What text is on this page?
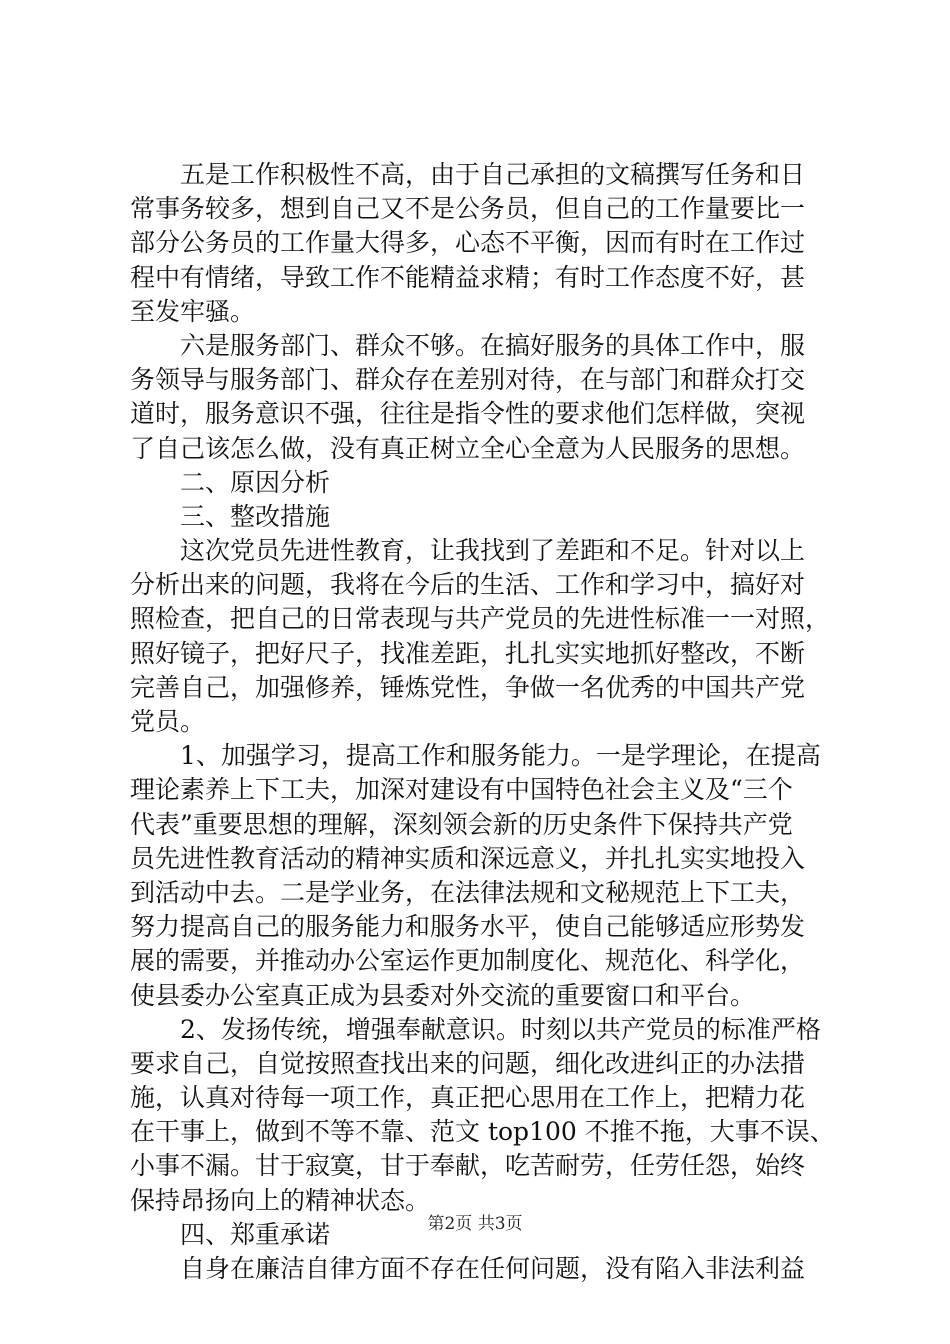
五是工作积极性不高，由于自己承担的文稿撰写任务和日
常事务较多，想到自己又不是公务员，但自己的工作量要比一
部分公务员的工作量大得多，心态不平衡，因而有时在工作过
程中有情绪，导致工作不能精益求精；有时工作态度不好，甚
至发牢骚。
六是服务部门、群众不够。在搞好服务的具体工作中，服
务领导与服务部门、群众存在差别对待，在与部门和群众打交
道时，服务意识不强，往往是指令性的要求他们怎样做，突视
了自己该怎么做，没有真正树立全心全意为人民服务的思想。
二、原因分析
三、整改措施
这次党员先进性教育，让我找到了差距和不足。针对以上
分析出来的问题，我将在今后的生活、工作和学习中，搞好对
照检查，把自己的日常表现与共产党员的先进性标准一一对照，
照好镜子，把好尺子，找准差距，扎扎实实地抓好整改，不断
完善自己，加强修养，锤炼党性，争做一名优秀的中国共产党
党员。
1、加强学习，提高工作和服务能力。一是学理论，在提高
理论素养上下工夫，加深对建设有中国特色社会主义及“三个
代表”重要思想的理解，深刻领会新的历史条件下保持共产党
员先进性教育活动的精神实质和深远意义，并扎扎实实地投入
到活动中去。二是学业务，在法律法规和文秘规范上下工夫，
努力提高自己的服务能力和服务水平，使自己能够适应形势发
展的需要，并推动办公室运作更加制度化、规范化、科学化，
使县委办公室真正成为县委对外交流的重要窗口和平台。
2、发扬传统，增强奉献意识。时刻以共产党员的标准严格
要求自己，自觉按照查找出来的问题，细化改进纠正的办法措
施，认真对待每一项工作，真正把心思用在工作上，把精力花
在干事上，做到不等不靠、范文 top100 不推不拖，大事不误、
小事不漏。甘于寂寞，甘于奉献，吃苦耐劳，任劳任怨，始终
保持昂扬向上的精神状态。
四、郑重承诺
自身在廉洁自律方面不存在任何问题，没有陷入非法利益
第2页 共3页
